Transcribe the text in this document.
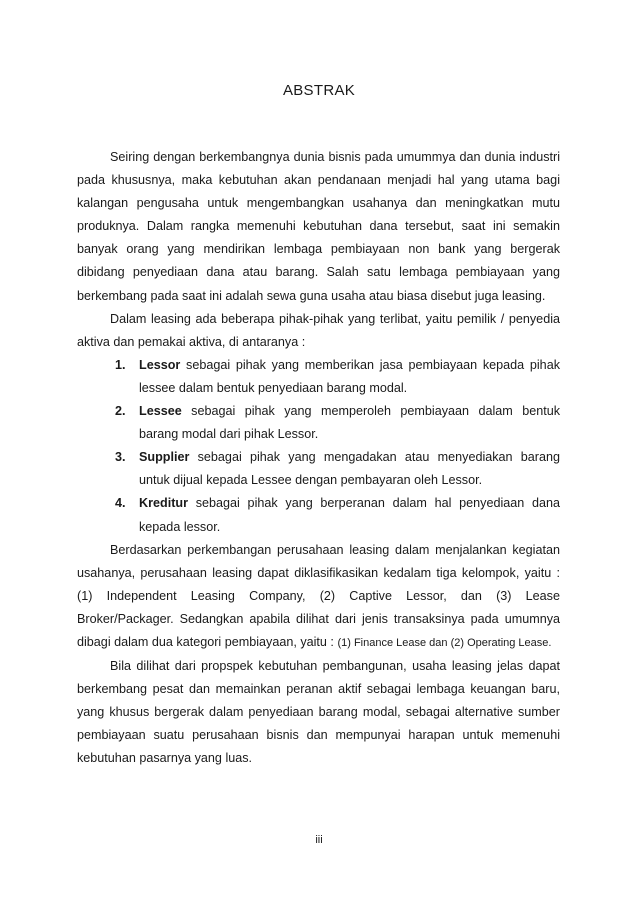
ABSTRAK

Seiring dengan berkembangnya dunia bisnis pada umummya dan dunia industri pada khususnya, maka kebutuhan akan pendanaan menjadi hal yang utama bagi kalangan pengusaha untuk mengembangkan usahanya dan meningkatkan mutu produknya. Dalam rangka memenuhi kebutuhan dana tersebut, saat ini semakin banyak orang yang mendirikan lembaga pembiayaan non bank yang bergerak dibidang penyediaan dana atau barang. Salah satu lembaga pembiayaan yang berkembang pada saat ini adalah sewa guna usaha atau biasa disebut juga leasing.

Dalam leasing ada beberapa pihak-pihak yang terlibat, yaitu pemilik / penyedia aktiva dan pemakai aktiva, di antaranya :

1. Lessor sebagai pihak yang memberikan jasa pembiayaan kepada pihak lessee dalam bentuk penyediaan barang modal.
2. Lessee sebagai pihak yang memperoleh pembiayaan dalam bentuk barang modal dari pihak Lessor.
3. Supplier sebagai pihak yang mengadakan atau menyediakan barang untuk dijual kepada Lessee dengan pembayaran oleh Lessor.
4. Kreditur sebagai pihak yang berperanan dalam hal penyediaan dana kepada lessor.

Berdasarkan perkembangan perusahaan leasing dalam menjalankan kegiatan usahanya, perusahaan leasing dapat diklasifikasikan kedalam tiga kelompok, yaitu : (1) Independent Leasing Company, (2) Captive Lessor, dan (3) Lease Broker/Packager. Sedangkan apabila dilihat dari jenis transaksinya pada umumnya dibagi dalam dua kategori pembiayaan, yaitu : (1) Finance Lease dan (2) Operating Lease.

Bila dilihat dari propspek kebutuhan pembangunan, usaha leasing jelas dapat berkembang pesat dan memainkan peranan aktif sebagai lembaga keuangan baru, yang khusus bergerak dalam penyediaan barang modal, sebagai alternative sumber pembiayaan suatu perusahaan bisnis dan mempunyai harapan untuk memenuhi kebutuhan pasarnya yang luas.

iii
